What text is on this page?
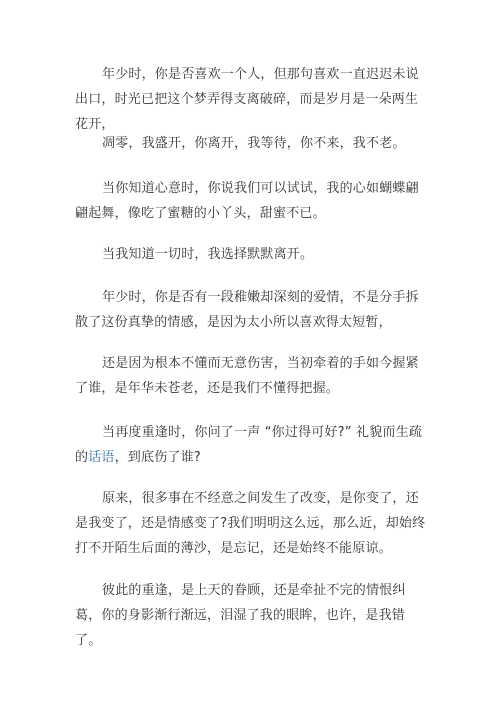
年少时，你是否喜欢一个人，但那句喜欢一直迟迟未说出口，时光已把这个梦弄得支离破碎，而是岁月是一朵两生花开，

凋零，我盛开，你离开，我等待，你不来，我不老。

当你知道心意时，你说我们可以试试，我的心如蝴蝶翩翩起舞，像吃了蜜糖的小丫头，甜蜜不已。

当我知道一切时，我选择默默离开。

年少时，你是否有一段稚嫩却深刻的爱情，不是分手拆散了这份真挚的情感，是因为太小所以喜欢得太短暂，

还是因为根本不懂而无意伤害，当初牵着的手如今握紧了谁，是年华未苍老，还是我们不懂得把握。

当再度重逢时，你问了一声 “你过得可好?” 礼貌而生疏的话语，到底伤了谁?

原来，很多事在不经意之间发生了改变，是你变了，还是我变了，还是情感变了?我们明明这么远，那么近，却始终打不开陌生后面的薄沙，是忘记，还是始终不能原谅。

彼此的重逢，是上天的眷顾，还是牵扯不完的情恨纠葛，你的身影渐行渐远，泪湿了我的眼眸，也许，是我错了。
